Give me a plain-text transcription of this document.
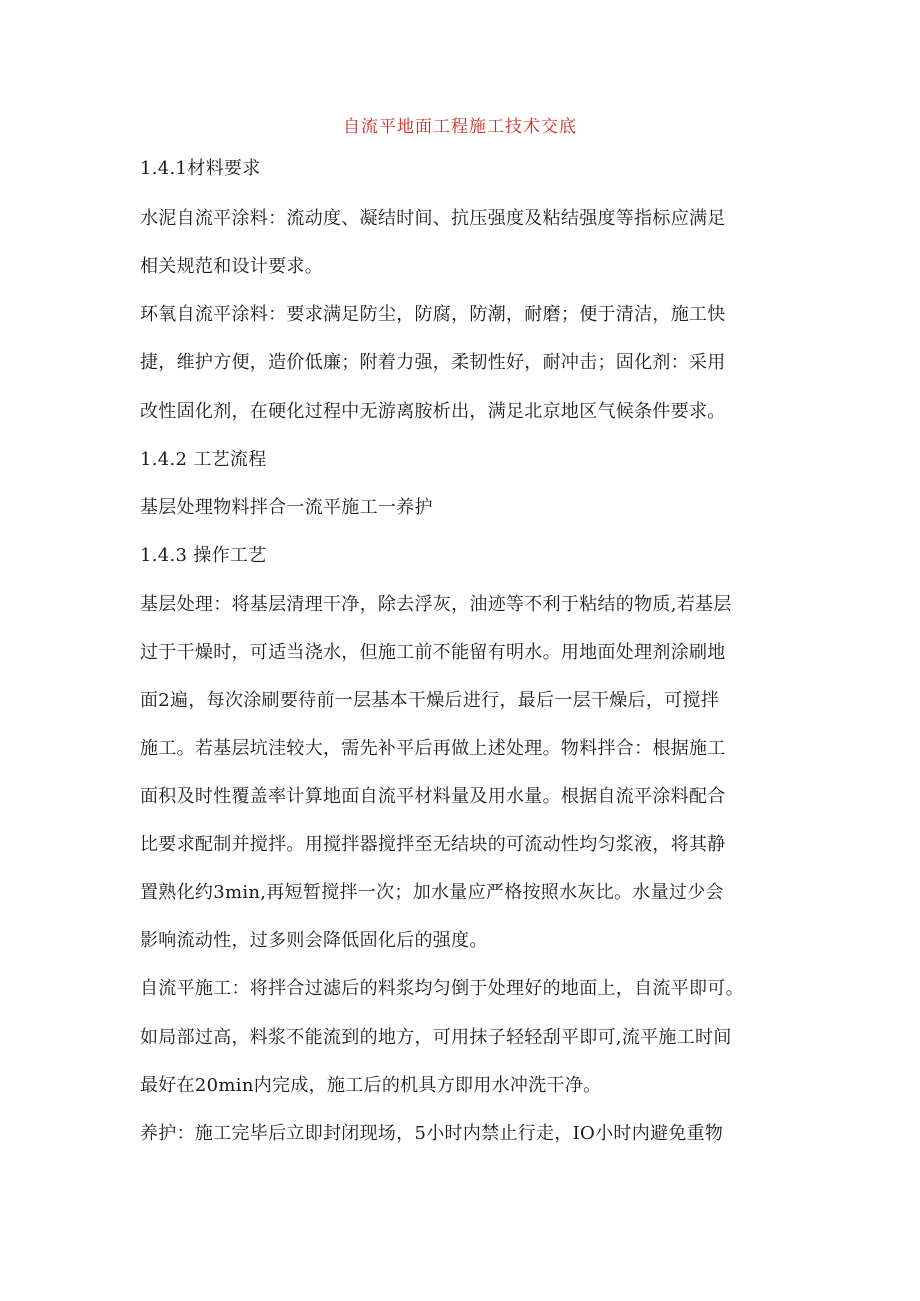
自流平地面工程施工技术交底
1.4.1材料要求
水泥自流平涂料：流动度、凝结时间、抗压强度及粘结强度等指标应满足
相关规范和设计要求。
环氧自流平涂料：要求满足防尘，防腐，防潮，耐磨；便于清洁，施工快
捷，维护方便，造价低廉；附着力强，柔韧性好，耐冲击；固化剂：采用
改性固化剂，在硬化过程中无游离胺析出，满足北京地区气候条件要求。
1.4.2 工艺流程
基层处理物料拌合一流平施工一养护
1.4.3 操作工艺
基层处理：将基层清理干净，除去浮灰，油迹等不利于粘结的物质,若基层
过于干燥时，可适当浇水，但施工前不能留有明水。用地面处理剂涂刷地
面2遍，每次涂刷要待前一层基本干燥后进行，最后一层干燥后，可搅拌
施工。若基层坑洼较大，需先补平后再做上述处理。物料拌合：根据施工
面积及时性覆盖率计算地面自流平材料量及用水量。根据自流平涂料配合
比要求配制并搅拌。用搅拌器搅拌至无结块的可流动性均匀浆液，将其静
置熟化约3min,再短暂搅拌一次；加水量应严格按照水灰比。水量过少会
影响流动性，过多则会降低固化后的强度。
自流平施工：将拌合过滤后的料浆均匀倒于处理好的地面上，自流平即可。
如局部过高，料浆不能流到的地方，可用抹子轻轻刮平即可,流平施工时间
最好在20min内完成，施工后的机具方即用水冲洗干净。
养护：施工完毕后立即封闭现场，5小时内禁止行走，IO小时内避免重物
